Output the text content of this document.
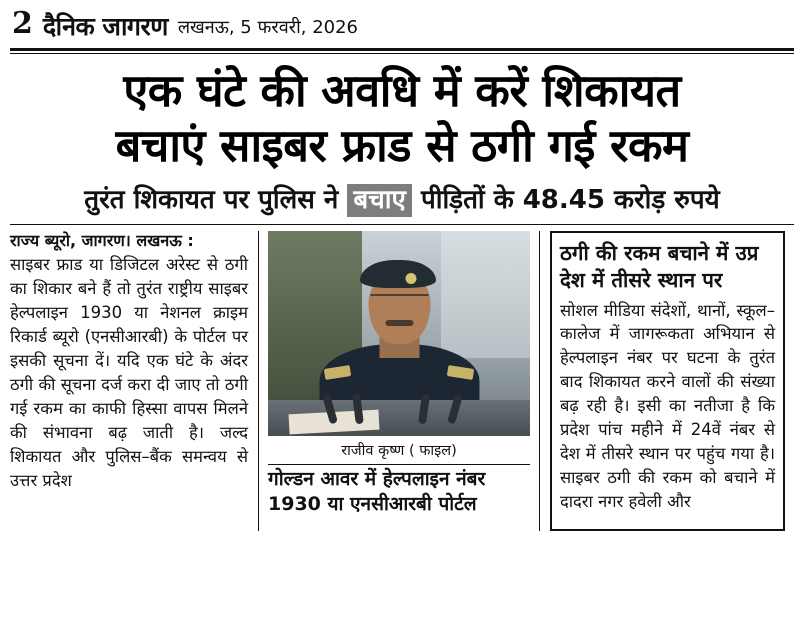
2 दैनिक जागरण लखनऊ, 5 फरवरी, 2026
एक घंटे की अवधि में करें शिकायत
बचाएं साइबर फ्राड से ठगी गई रकम
तुरंत शिकायत पर पुलिस ने बचाए पीड़ितों के 48.45 करोड़ रुपये
राज्य ब्यूरो, जागरण। लखनऊ :
साइबर फ्राड या डिजिटल अरेस्ट से ठगी का शिकार बने हैं तो तुरंत राष्ट्रीय साइबर हेल्पलाइन 1930 या नेशनल क्राइम रिकार्ड ब्यूरो (एनसीआरबी) के पोर्टल पर इसकी सूचना दें। यदि एक घंटे के अंदर ठगी की सूचना दर्ज करा दी जाए तो ठगी गई रकम का काफी हिस्सा वापस मिलने की संभावना बढ़ जाती है। जल्द शिकायत और पुलिस–बैंक समन्वय से उत्तर प्रदेश
राजीव कृष्ण ( फाइल)
गोल्डन आवर में हेल्पलाइन नंबर 1930 या एनसीआरबी पोर्टल
ठगी की रकम बचाने में उप्र देश में तीसरे स्थान पर
सोशल मीडिया संदेशों, थानों, स्कूल–कालेज में जागरूकता अभियान से हेल्पलाइन नंबर पर घटना के तुरंत बाद शिकायत करने वालों की संख्या बढ़ रही है। इसी का नतीजा है कि प्रदेश पांच महीने में 24वें नंबर से देश में तीसरे स्थान पर पहुंच गया है। साइबर ठगी की रकम को बचाने में दादरा नगर हवेली और
